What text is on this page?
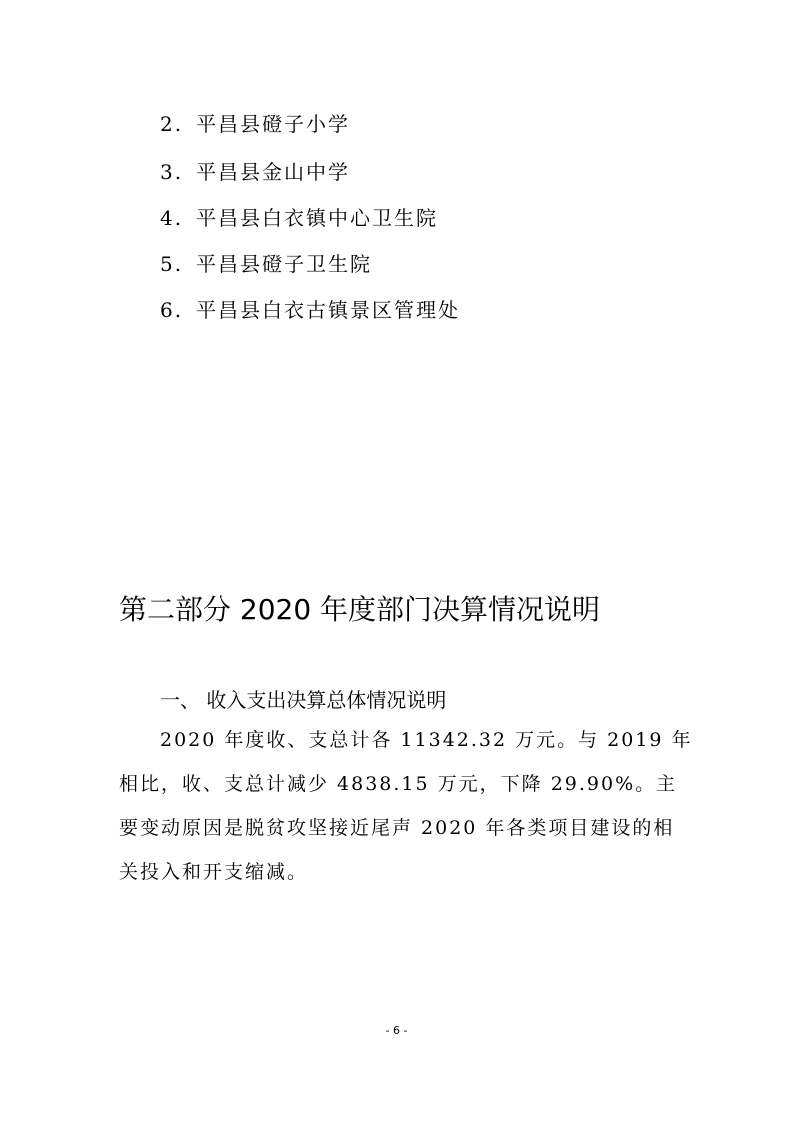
2. 平昌县磴子小学
3. 平昌县金山中学
4. 平昌县白衣镇中心卫生院
5. 平昌县磴子卫生院
6. 平昌县白衣古镇景区管理处
第二部分 2020 年度部门决算情况说明
一、 收入支出决算总体情况说明

2020 年度收、支总计各 11342.32 万元。与 2019 年相比，收、支总计减少 4838.15 万元，下降 29.90%。主要变动原因是脱贫攻坚接近尾声 2020 年各类项目建设的相关投入和开支缩减。

- 6 -
